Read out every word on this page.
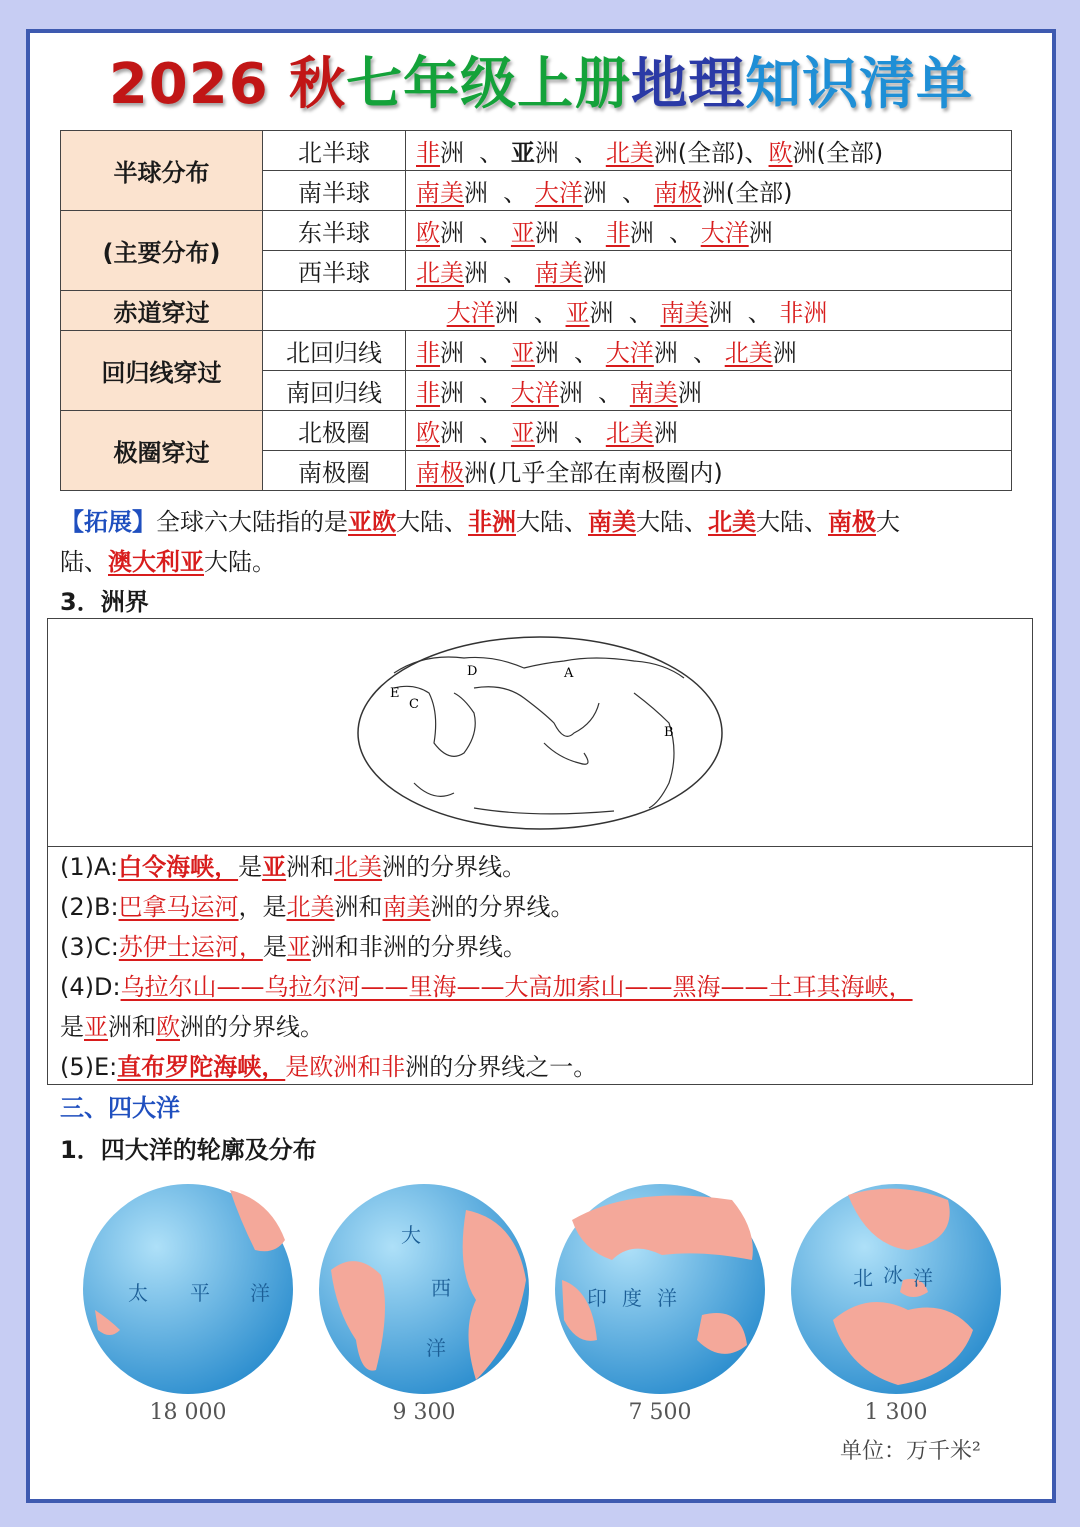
2026 秋七年级上册地理知识清单
半球分布	北半球	非洲 、 亚洲 、 北美洲(全部)、欧洲(全部)
	南半球	南美洲 、 大洋洲 、 南极洲(全部)
(主要分布)	东半球	欧洲 、 亚洲 、 非洲 、 大洋洲
	西半球	北美洲 、 南美洲
赤道穿过	大洋洲 、 亚洲 、 南美洲 、 非洲	
回归线穿过	北回归线	非洲 、 亚洲 、 大洋洲 、 北美洲
	南回归线	非洲 、 大洋洲 、 南美洲
极圈穿过	北极圈	欧洲 、 亚洲 、 北美洲
	南极圈	南极洲(几乎全部在南极圈内)
【拓展】全球六大陆指的是亚欧大陆、非洲大陆、南美大陆、北美大陆、南极大
陆、澳大利亚大陆。
3．洲界
D	A
B
C
E
(1)A:白令海峡，是亚洲和北美洲的分界线。
(2)B:巴拿马运河，是北美洲和南美洲的分界线。
(3)C:苏伊士运河，是亚洲和非洲的分界线。
(4)D:乌拉尔山——乌拉尔河——里海——大高加索山——黑海——土耳其海峡，
是亚洲和欧洲的分界线。
(5)E:直布罗陀海峡，是欧洲和非洲的分界线之一。
三、四大洋
1．四大洋的轮廓及分布
太 平 洋
18 000
大
西
洋
9 300
印 度 洋
7 500
北 冰 洋
1 300
单位：万千米²
